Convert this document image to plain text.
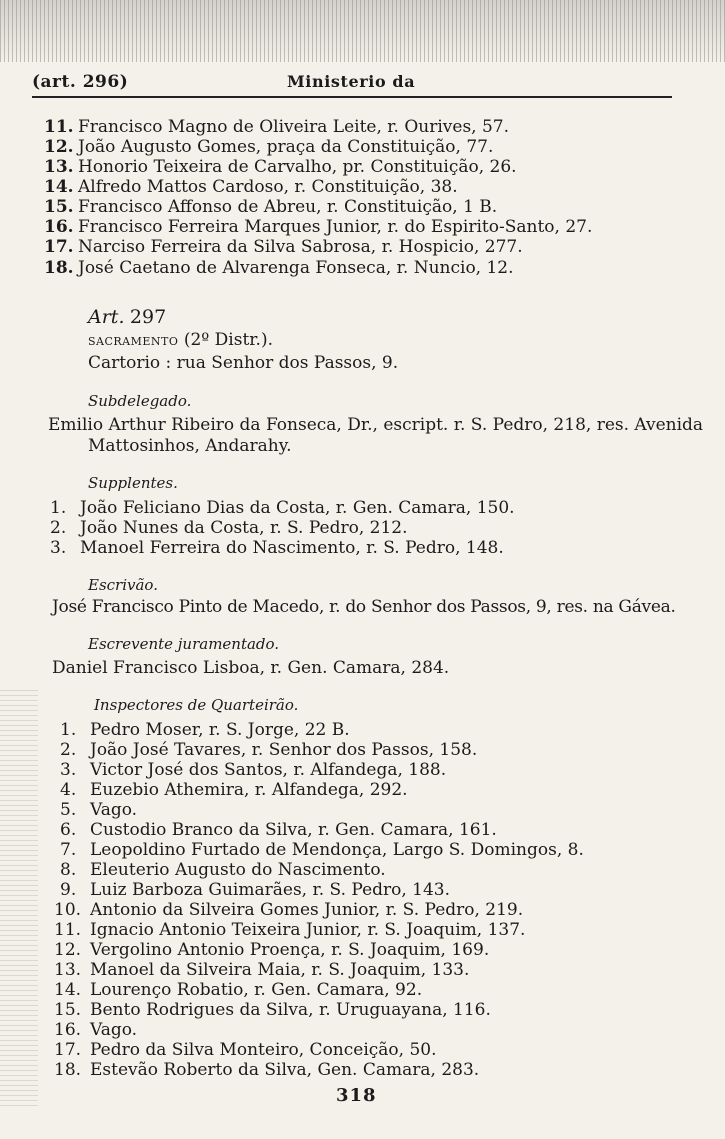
(art. 296)	Ministerio da
11. Francisco Magno de Oliveira Leite, r. Ourives, 57.
12. João Augusto Gomes, praça da Constituição, 77.
13. Honorio Teixeira de Carvalho, pr. Constituição, 26.
14. Alfredo Mattos Cardoso, r. Constituição, 38.
15. Francisco Affonso de Abreu, r. Constituição, 1 B.
16. Francisco Ferreira Marques Junior, r. do Espirito-Santo, 27.
17. Narciso Ferreira da Silva Sabrosa, r. Hospicio, 277.
18. José Caetano de Alvarenga Fonseca, r. Nuncio, 12.
Art. 297
SACRAMENTO (2º Distr.).
Cartorio : rua Senhor dos Passos, 9.
Subdelegado.
Emilio Arthur Ribeiro da Fonseca, Dr., escript. r. S. Pedro, 218, res. Avenida
Mattosinhos, Andarahy.
Supplentes.
1. João Feliciano Dias da Costa, r. Gen. Camara, 150.
2. João Nunes da Costa, r. S. Pedro, 212.
3. Manoel Ferreira do Nascimento, r. S. Pedro, 148.
Escrivão.
José Francisco Pinto de Macedo, r. do Senhor dos Passos, 9, res. na Gávea.
Escrevente juramentado.
Daniel Francisco Lisboa, r. Gen. Camara, 284.
Inspectores de Quarteirão.
1. Pedro Moser, r. S. Jorge, 22 B.
2. João José Tavares, r. Senhor dos Passos, 158.
3. Victor José dos Santos, r. Alfandega, 188.
4. Euzebio Athemira, r. Alfandega, 292.
5. Vago.
6. Custodio Branco da Silva, r. Gen. Camara, 161.
7. Leopoldino Furtado de Mendonça, Largo S. Domingos, 8.
8. Eleuterio Augusto do Nascimento.
9. Luiz Barboza Guimarães, r. S. Pedro, 143.
10. Antonio da Silveira Gomes Junior, r. S. Pedro, 219.
11. Ignacio Antonio Teixeira Junior, r. S. Joaquim, 137.
12. Vergolino Antonio Proença, r. S. Joaquim, 169.
13. Manoel da Silveira Maia, r. S. Joaquim, 133.
14. Lourenço Robatio, r. Gen. Camara, 92.
15. Bento Rodrigues da Silva, r. Uruguayana, 116.
16. Vago.
17. Pedro da Silva Monteiro, Conceição, 50.
18. Estevão Roberto da Silva, Gen. Camara, 283.
318
